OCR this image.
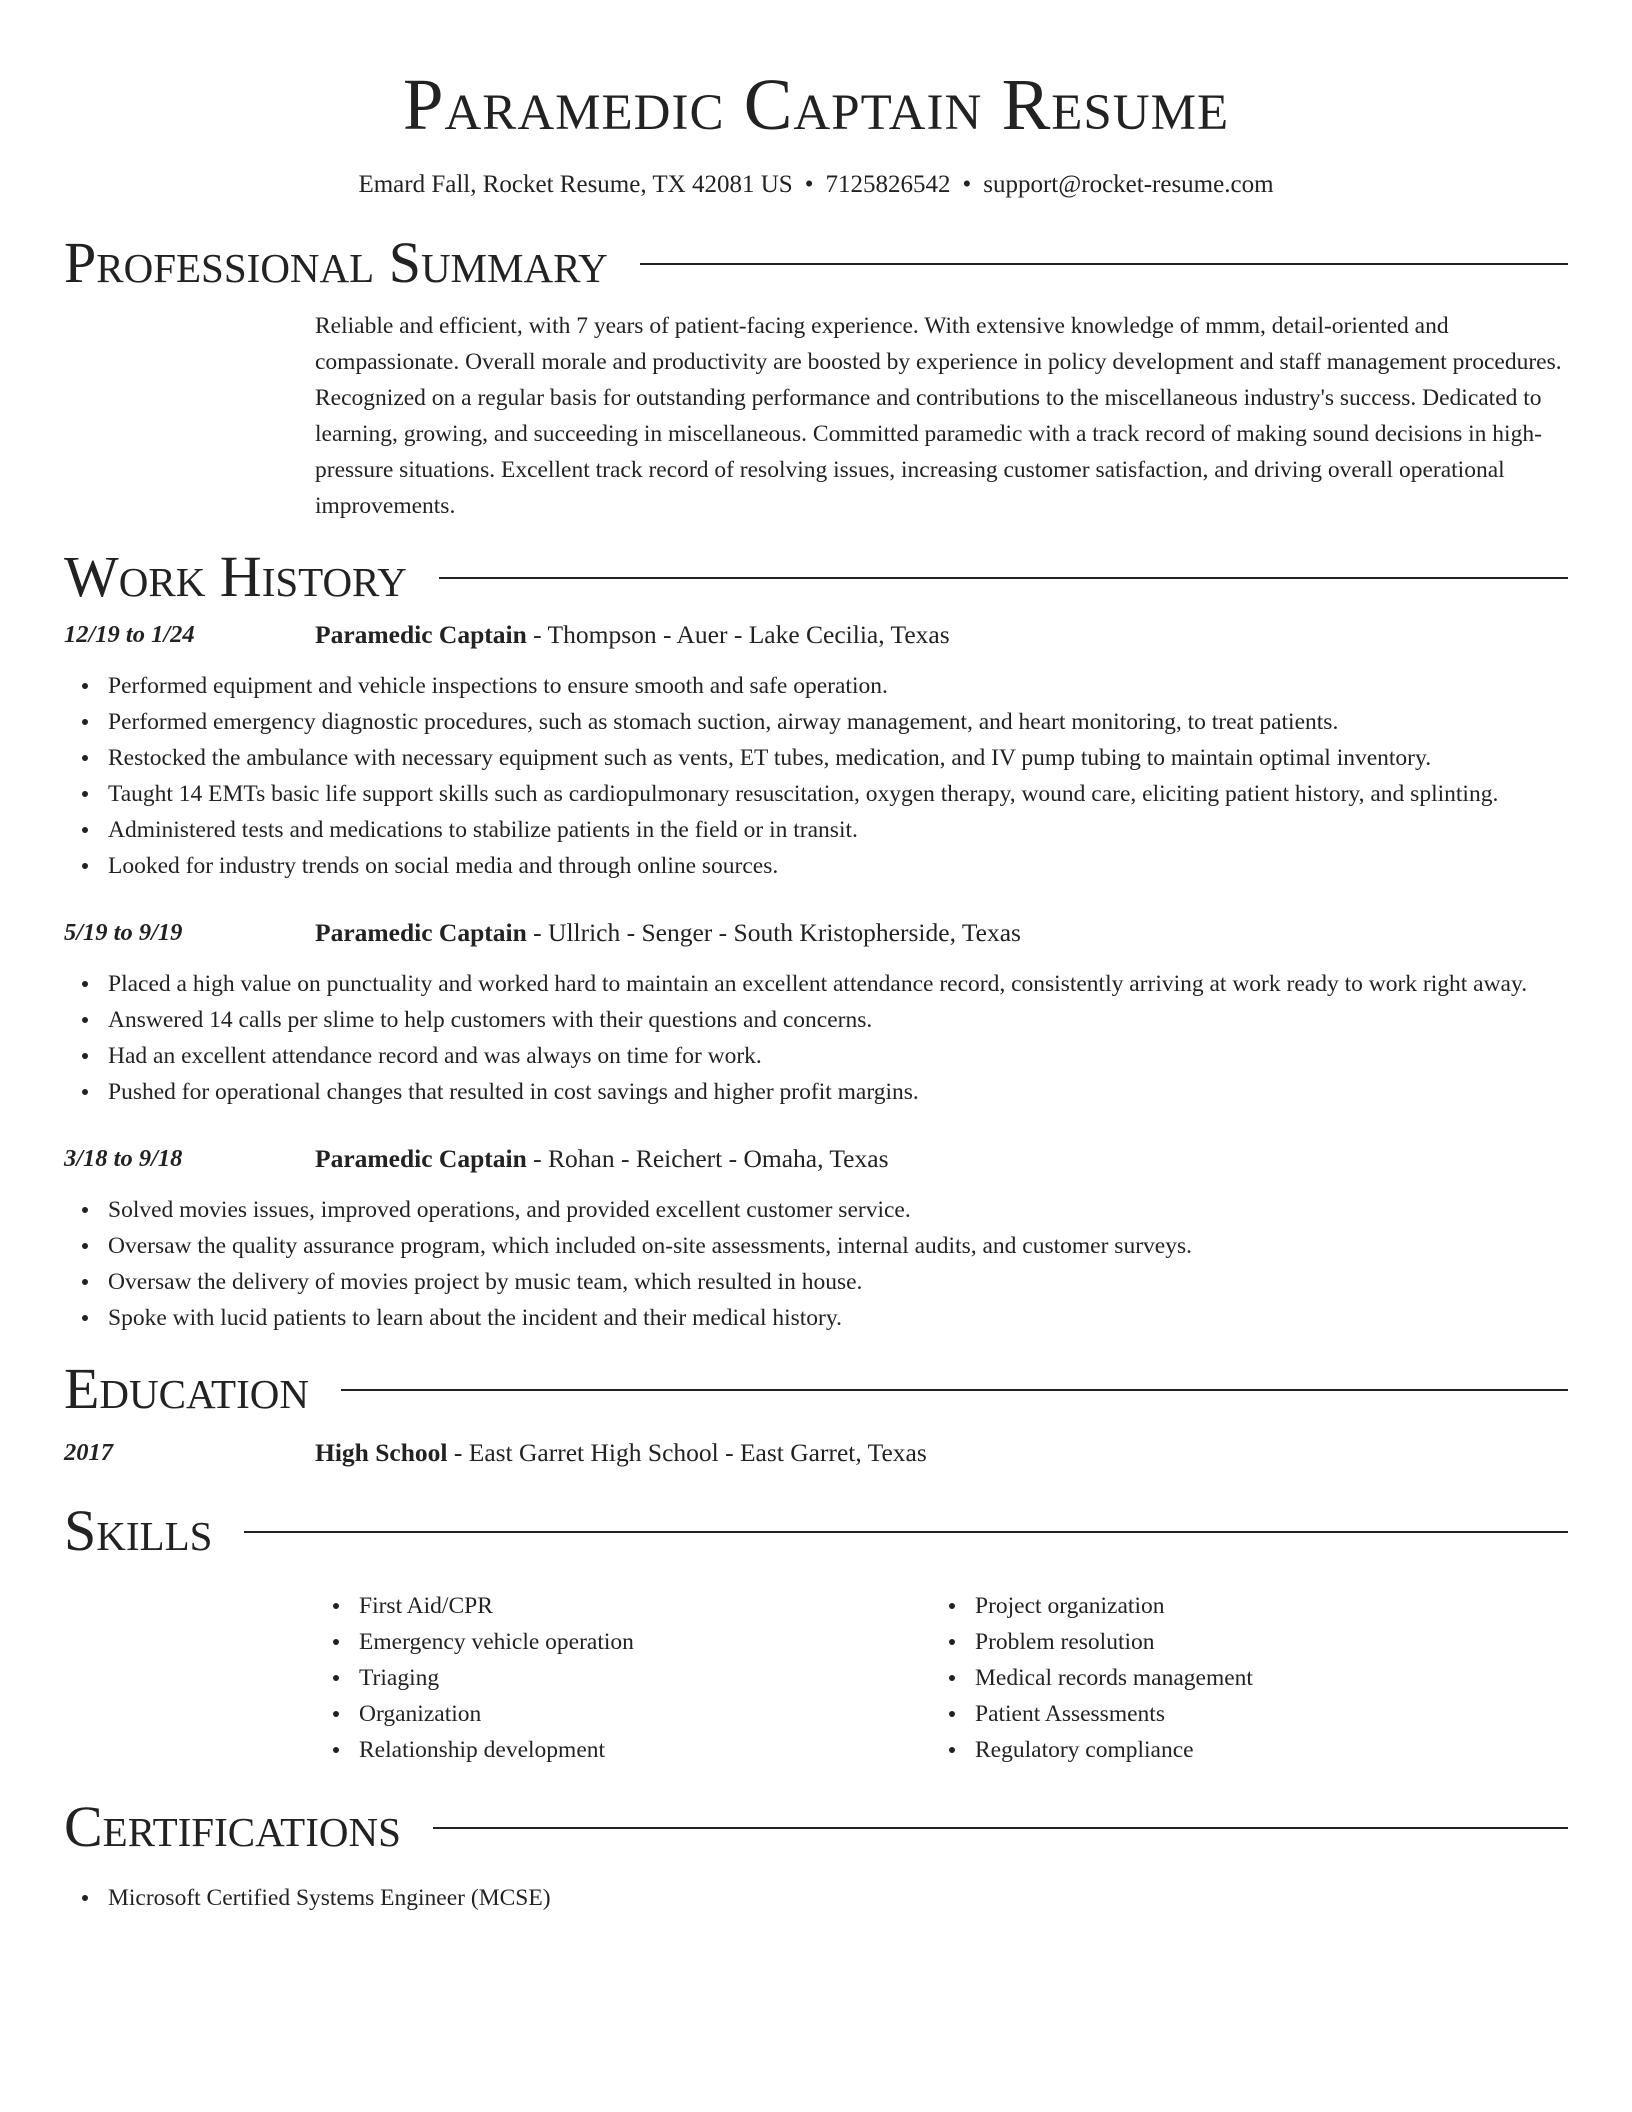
Paramedic Captain Resume
Emard Fall, Rocket Resume, TX 42081 US • 7125826542 • support@rocket-resume.com
Professional Summary
Reliable and efficient, with 7 years of patient-facing experience. With extensive knowledge of mmm, detail-oriented and compassionate. Overall morale and productivity are boosted by experience in policy development and staff management procedures. Recognized on a regular basis for outstanding performance and contributions to the miscellaneous industry's success. Dedicated to learning, growing, and succeeding in miscellaneous. Committed paramedic with a track record of making sound decisions in high-pressure situations. Excellent track record of resolving issues, increasing customer satisfaction, and driving overall operational improvements.
Work History
12/19 to 1/24	Paramedic Captain - Thompson - Auer - Lake Cecilia, Texas
Performed equipment and vehicle inspections to ensure smooth and safe operation.
Performed emergency diagnostic procedures, such as stomach suction, airway management, and heart monitoring, to treat patients.
Restocked the ambulance with necessary equipment such as vents, ET tubes, medication, and IV pump tubing to maintain optimal inventory.
Taught 14 EMTs basic life support skills such as cardiopulmonary resuscitation, oxygen therapy, wound care, eliciting patient history, and splinting.
Administered tests and medications to stabilize patients in the field or in transit.
Looked for industry trends on social media and through online sources.
5/19 to 9/19	Paramedic Captain - Ullrich - Senger - South Kristopherside, Texas
Placed a high value on punctuality and worked hard to maintain an excellent attendance record, consistently arriving at work ready to work right away.
Answered 14 calls per slime to help customers with their questions and concerns.
Had an excellent attendance record and was always on time for work.
Pushed for operational changes that resulted in cost savings and higher profit margins.
3/18 to 9/18	Paramedic Captain - Rohan - Reichert - Omaha, Texas
Solved movies issues, improved operations, and provided excellent customer service.
Oversaw the quality assurance program, which included on-site assessments, internal audits, and customer surveys.
Oversaw the delivery of movies project by music team, which resulted in house.
Spoke with lucid patients to learn about the incident and their medical history.
Education
2017	High School - East Garret High School - East Garret, Texas
Skills
First Aid/CPR
Emergency vehicle operation
Triaging
Organization
Relationship development
Project organization
Problem resolution
Medical records management
Patient Assessments
Regulatory compliance
Certifications
Microsoft Certified Systems Engineer (MCSE)
